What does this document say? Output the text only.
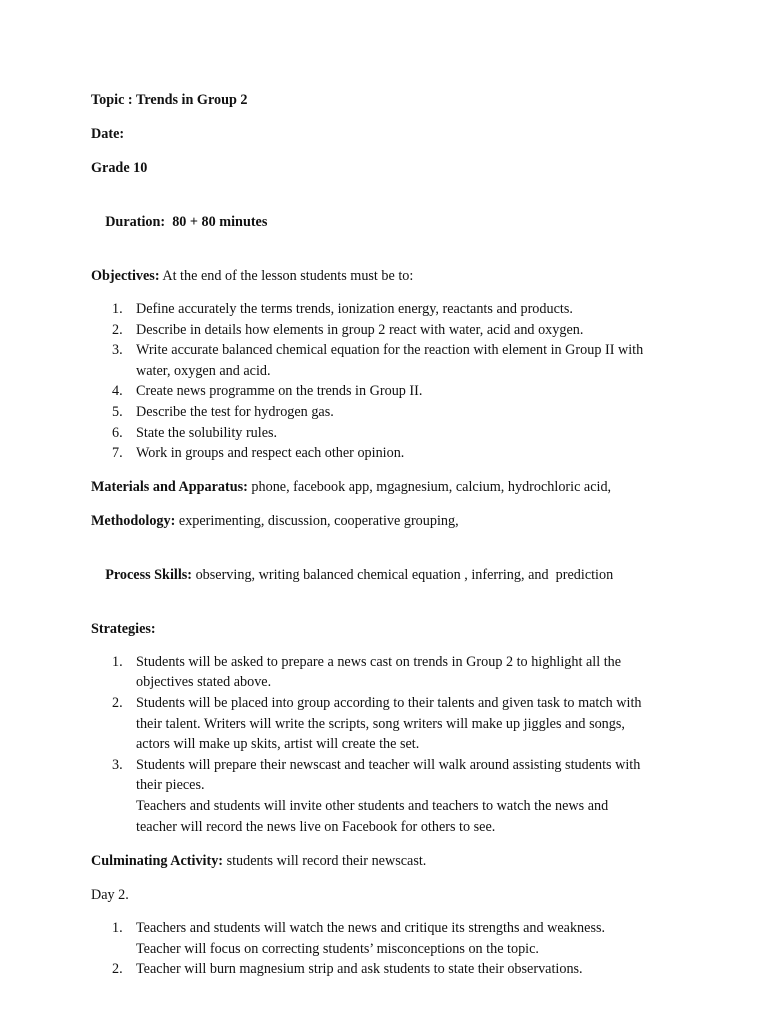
Topic : Trends in Group 2
Date:
Grade 10

Duration:  80 + 80 minutes

Objectives: At the end of the lesson students must be to:
1. Define accurately the terms trends, ionization energy, reactants and products.
2. Describe in details how elements in group 2 react with water, acid and oxygen.
3. Write accurate balanced chemical equation for the reaction with element in Group II with
water, oxygen and acid.
4. Create news programme on the trends in Group II.
5. Describe the test for hydrogen gas.
6. State the solubility rules.
7. Work in groups and respect each other opinion.
Materials and Apparatus: phone, facebook app, mgagnesium, calcium, hydrochloric acid,
Methodology: experimenting, discussion, cooperative grouping,

Process Skills: observing, writing balanced chemical equation , inferring, and  prediction

Strategies:
1. Students will be asked to prepare a news cast on trends in Group 2 to highlight all the
objectives stated above.
2. Students will be placed into group according to their talents and given task to match with
their talent. Writers will write the scripts, song writers will make up jiggles and songs,
actors will make up skits, artist will create the set.
3. Students will prepare their newscast and teacher will walk around assisting students with
their pieces.
Teachers and students will invite other students and teachers to watch the news and
teacher will record the news live on Facebook for others to see.
Culminating Activity: students will record their newscast.
Day 2.
1. Teachers and students will watch the news and critique its strengths and weakness.
Teacher will focus on correcting students’ misconceptions on the topic.
2. Teacher will burn magnesium strip and ask students to state their observations.
